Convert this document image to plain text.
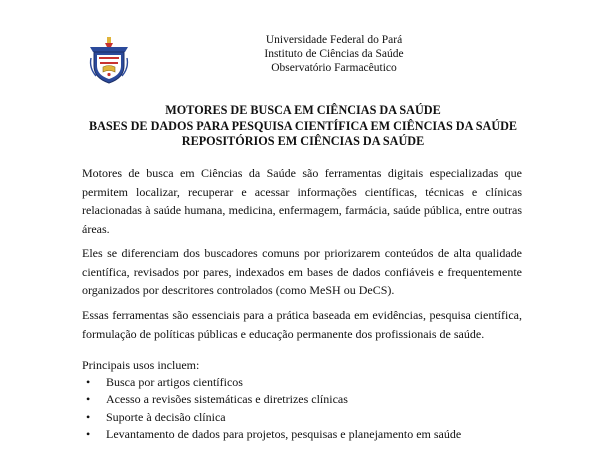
Universidade Federal do Pará
Instituto de Ciências da Saúde
Observatório Farmacêutico
MOTORES DE BUSCA EM CIÊNCIAS DA SAÚDE
BASES DE DADOS PARA PESQUISA CIENTÍFICA EM CIÊNCIAS DA SAÚDE
REPOSITÓRIOS EM CIÊNCIAS DA SAÚDE

Motores de busca em Ciências da Saúde são ferramentas digitais especializadas que permitem localizar, recuperar e acessar informações científicas, técnicas e clínicas relacionadas à saúde humana, medicina, enfermagem, farmácia, saúde pública, entre outras áreas.

Eles se diferenciam dos buscadores comuns por priorizarem conteúdos de alta qualidade científica, revisados por pares, indexados em bases de dados confiáveis e frequentemente organizados por descritores controlados (como MeSH ou DeCS).

Essas ferramentas são essenciais para a prática baseada em evidências, pesquisa científica, formulação de políticas públicas e educação permanente dos profissionais de saúde.

Principais usos incluem:
• Busca por artigos científicos
• Acesso a revisões sistemáticas e diretrizes clínicas
• Suporte à decisão clínica
• Levantamento de dados para projetos, pesquisas e planejamento em saúde
